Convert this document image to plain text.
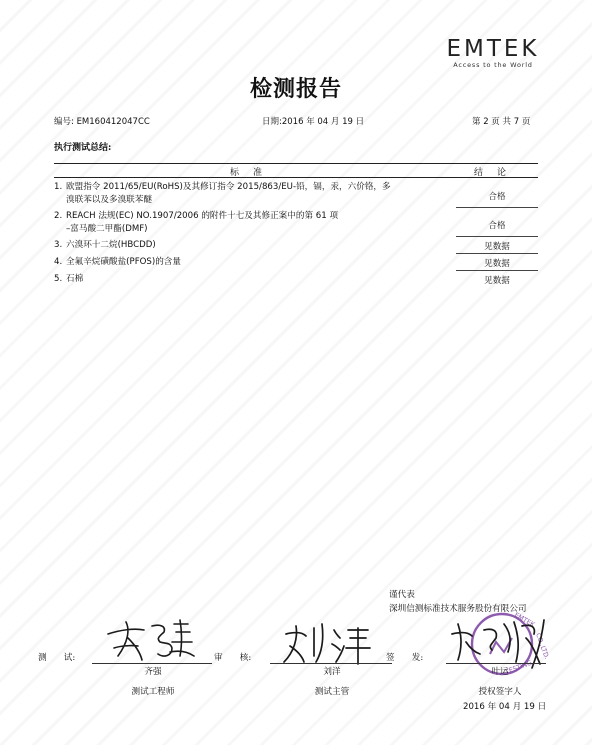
EMTEK
Access to the World
检测报告
编号: EM160412047CC	日期:2016 年 04 月 19 日	第 2 页 共 7 页
执行测试总结:
标准	结论
1. 欧盟指令 2011/65/EU(RoHS)及其修订指令 2015/863/EU-铅，镉，汞，六价铬，多
溴联苯以及多溴联苯醚	合格
2. REACH 法规(EC) NO.1907/2006 的附件十七及其修正案中的第 61 项
–富马酸二甲酯(DMF)	合格
3. 六溴环十二烷(HBCDD)	见数据
4. 全氟辛烷磺酸盐(PFOS)的含量	见数据
5. 石棉	见数据
谨代表
深圳信测标准技术服务股份有限公司
测　　试:
齐强
测试工程师
审　　核:
刘洋
测试主管
签　　发:	CO.,LTD.
TESTING
EMTEK
叶运
授权签字人
2016 年 04 月 19 日
